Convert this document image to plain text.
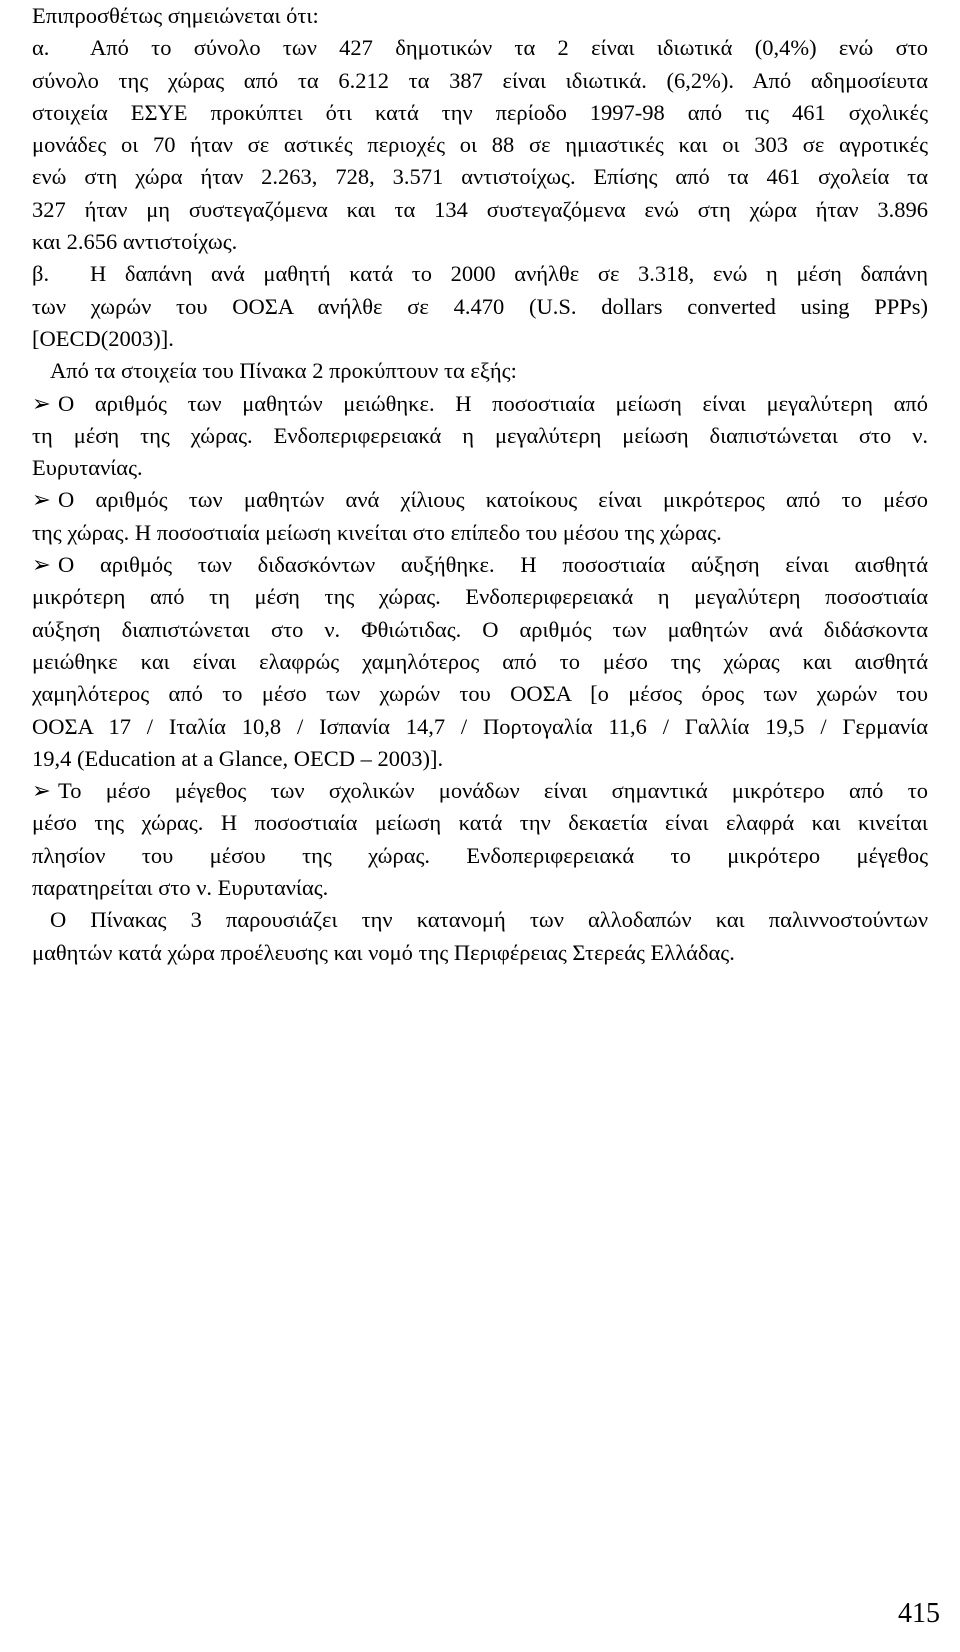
Επιπροσθέτως σημειώνεται ότι:
α. Από το σύνολο των 427 δημοτικών τα 2 είναι ιδιωτικά (0,4%) ενώ στο
σύνολο της χώρας από τα 6.212 τα 387 είναι ιδιωτικά. (6,2%). Από αδημοσίευτα
στοιχεία ΕΣΥΕ προκύπτει ότι κατά την περίοδο 1997-98 από τις 461 σχολικές
μονάδες οι 70 ήταν σε αστικές περιοχές οι 88 σε ημιαστικές και οι 303 σε αγροτικές
ενώ στη χώρα ήταν 2.263, 728, 3.571 αντιστοίχως. Επίσης από τα 461 σχολεία τα
327 ήταν μη συστεγαζόμενα και τα 134 συστεγαζόμενα ενώ στη χώρα ήταν 3.896
και 2.656 αντιστοίχως.
β. Η δαπάνη ανά μαθητή κατά το 2000 ανήλθε σε 3.318, ενώ η μέση δαπάνη
των χωρών του ΟΟΣΑ ανήλθε σε 4.470 (U.S. dollars converted using PPPs)
[OECD(2003)].
Από τα στοιχεία του Πίνακα 2 προκύπτουν τα εξής:
➢ Ο αριθμός των μαθητών μειώθηκε. Η ποσοστιαία μείωση είναι μεγαλύτερη από
τη μέση της χώρας. Ενδοπεριφερειακά η μεγαλύτερη μείωση διαπιστώνεται στο ν.
Ευρυτανίας.
➢ Ο αριθμός των μαθητών ανά χίλιους κατοίκους είναι μικρότερος από το μέσο
της χώρας. Η ποσοστιαία μείωση κινείται στο επίπεδο του μέσου της χώρας.
➢ Ο αριθμός των διδασκόντων αυξήθηκε. Η ποσοστιαία αύξηση είναι αισθητά
μικρότερη από τη μέση της χώρας. Ενδοπεριφερειακά η μεγαλύτερη ποσοστιαία
αύξηση διαπιστώνεται στο ν. Φθιώτιδας. Ο αριθμός των μαθητών ανά διδάσκοντα
μειώθηκε και είναι ελαφρώς χαμηλότερος από το μέσο της χώρας και αισθητά
χαμηλότερος από το μέσο των χωρών του ΟΟΣΑ [ο μέσος όρος των χωρών του
ΟΟΣΑ 17 / Ιταλία 10,8 / Ισπανία 14,7 / Πορτογαλία 11,6 / Γαλλία 19,5 / Γερμανία
19,4 (Education at a Glance, OECD – 2003)].
➢ Το μέσο μέγεθος των σχολικών μονάδων είναι σημαντικά μικρότερο από το
μέσο της χώρας. Η ποσοστιαία μείωση κατά την δεκαετία είναι ελαφρά και κινείται
πλησίον του μέσου της χώρας. Ενδοπεριφερειακά το μικρότερο μέγεθος
παρατηρείται στο ν. Ευρυτανίας.
Ο Πίνακας 3 παρουσιάζει την κατανομή των αλλοδαπών και παλιννοστούντων
μαθητών κατά χώρα προέλευσης και νομό της Περιφέρειας Στερεάς Ελλάδας.
415
